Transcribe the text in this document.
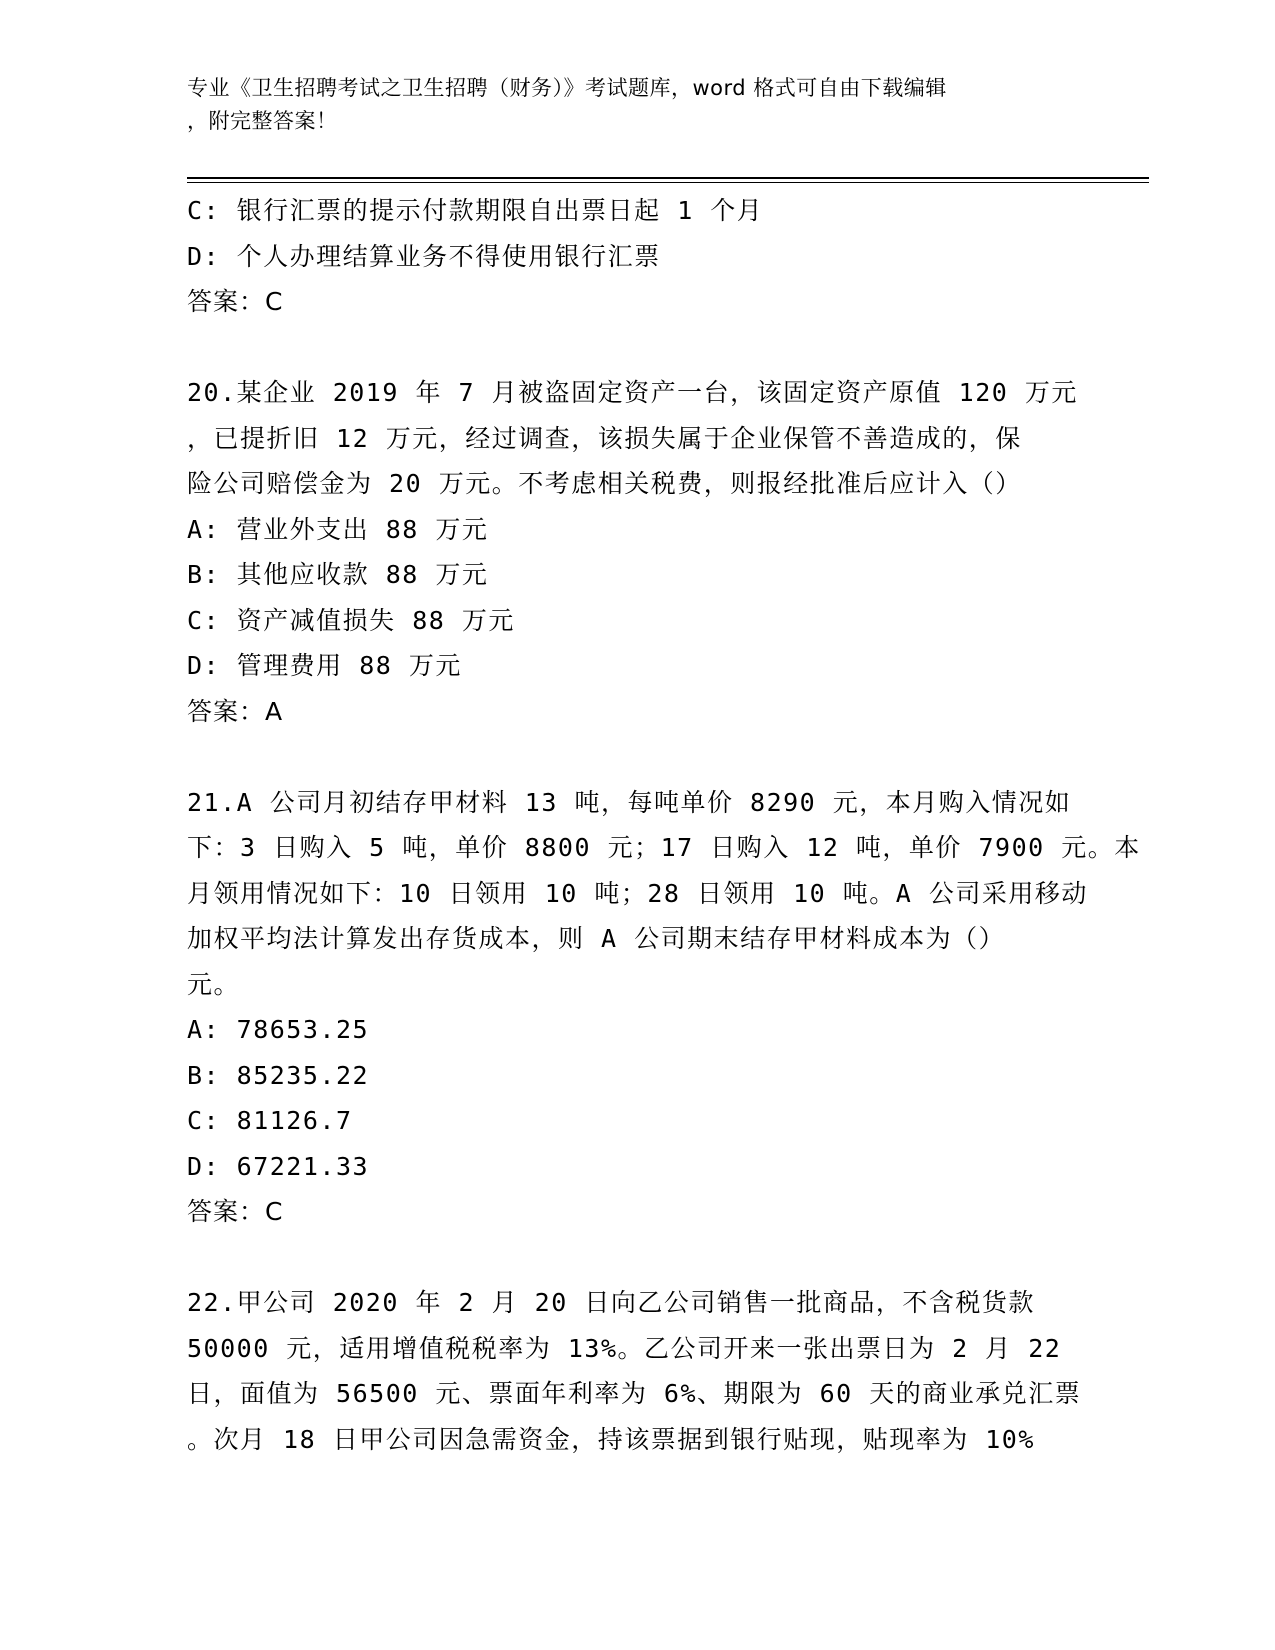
专业《卫生招聘考试之卫生招聘（财务）》考试题库，word 格式可自由下载编辑
，附完整答案！
C: 银行汇票的提示付款期限自出票日起 1 个月
D: 个人办理结算业务不得使用银行汇票
答案：C
20.某企业 2019 年 7 月被盗固定资产一台，该固定资产原值 120 万元
，已提折旧 12 万元，经过调查，该损失属于企业保管不善造成的，保
险公司赔偿金为 20 万元。不考虑相关税费，则报经批准后应计入（）
A: 营业外支出 88 万元
B: 其他应收款 88 万元
C: 资产减值损失 88 万元
D: 管理费用 88 万元
答案：A
21.A 公司月初结存甲材料 13 吨，每吨单价 8290 元，本月购入情况如
下：3 日购入 5 吨，单价 8800 元；17 日购入 12 吨，单价 7900 元。本
月领用情况如下：10 日领用 10 吨；28 日领用 10 吨。A 公司采用移动
加权平均法计算发出存货成本，则 A 公司期末结存甲材料成本为（）
元。
A: 78653.25
B: 85235.22
C: 81126.7
D: 67221.33
答案：C
22.甲公司 2020 年 2 月 20 日向乙公司销售一批商品，不含税货款
50000 元，适用增值税税率为 13%。乙公司开来一张出票日为 2 月 22
日，面值为 56500 元、票面年利率为 6%、期限为 60 天的商业承兑汇票
。次月 18 日甲公司因急需资金，持该票据到银行贴现，贴现率为 10%
